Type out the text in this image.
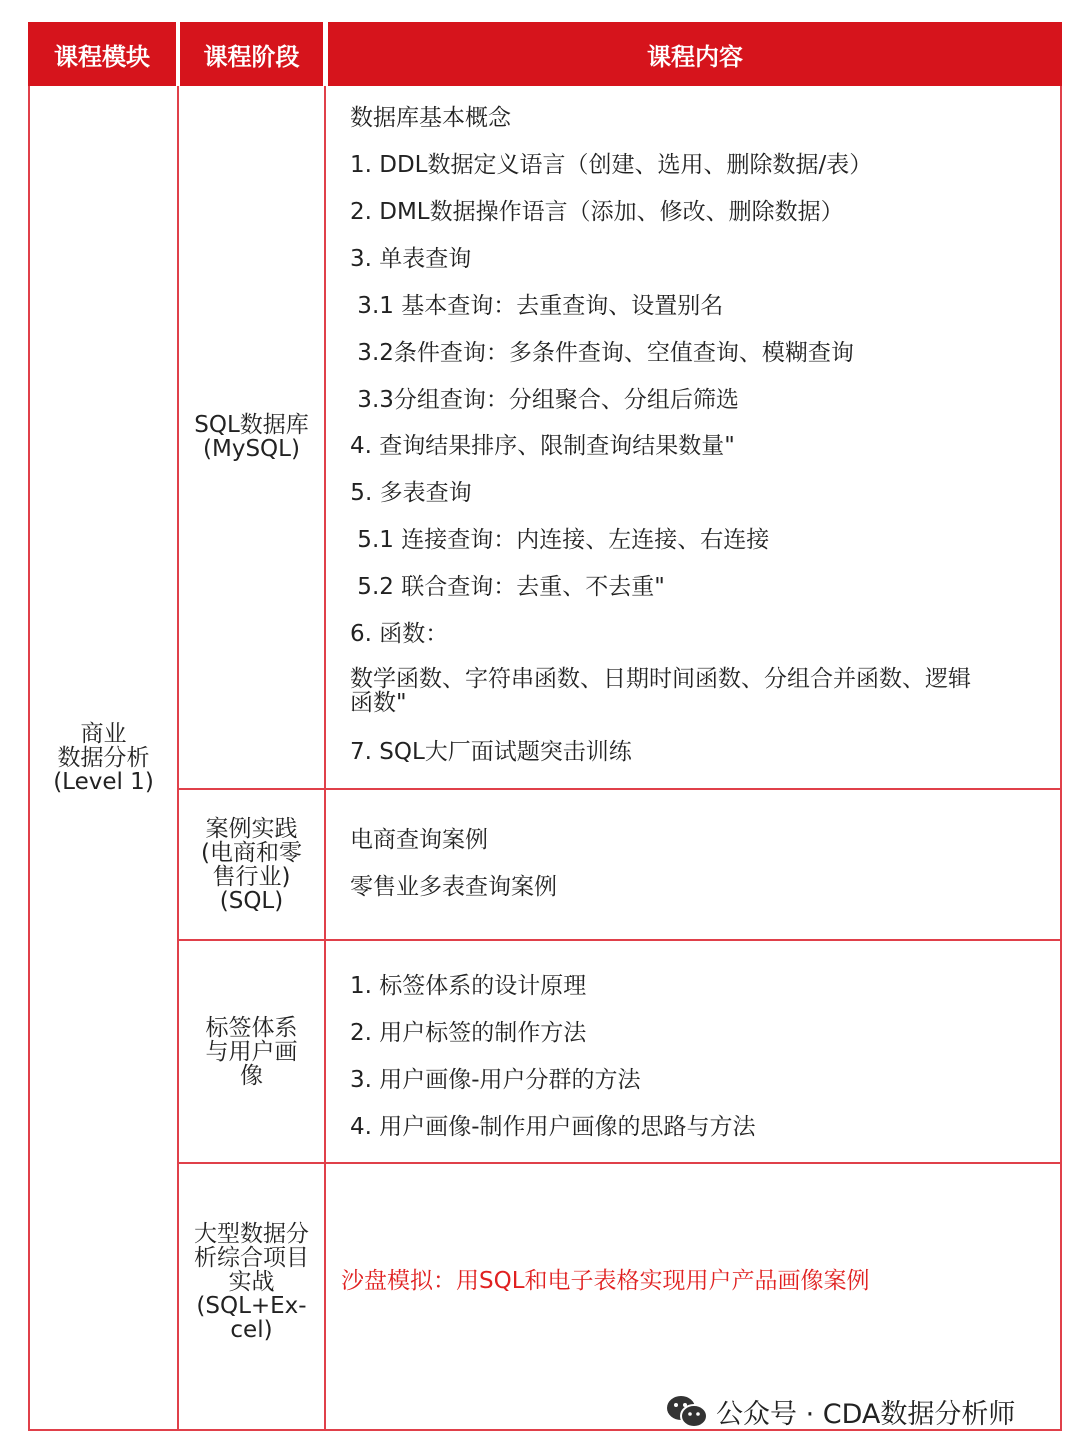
课程模块	课程阶段	课程内容
商业
数据分析
(Level 1)
SQL数据库
(MySQL)
案例实践
(电商和零
售行业)
(SQL)
标签体系
与用户画
像
大型数据分
析综合项目
实战
(SQL+Ex-
cel)
数据库基本概念
1. DDL数据定义语言（创建、选用、删除数据/表）
2. DML数据操作语言（添加、修改、删除数据）
3. 单表查询
3.1 基本查询：去重查询、设置别名
3.2条件查询：多条件查询、空值查询、模糊查询
3.3分组查询：分组聚合、分组后筛选
4. 查询结果排序、限制查询结果数量"
5. 多表查询
5.1 连接查询：内连接、左连接、右连接
5.2 联合查询：去重、不去重"
6. 函数：
数学函数、字符串函数、日期时间函数、分组合并函数、逻辑
函数"
7. SQL大厂面试题突击训练
电商查询案例
零售业多表查询案例
1. 标签体系的设计原理
2. 用户标签的制作方法
3. 用户画像-用户分群的方法
4. 用户画像-制作用户画像的思路与方法
沙盘模拟：用SQL和电子表格实现用户产品画像案例
公众号 · CDA数据分析师
